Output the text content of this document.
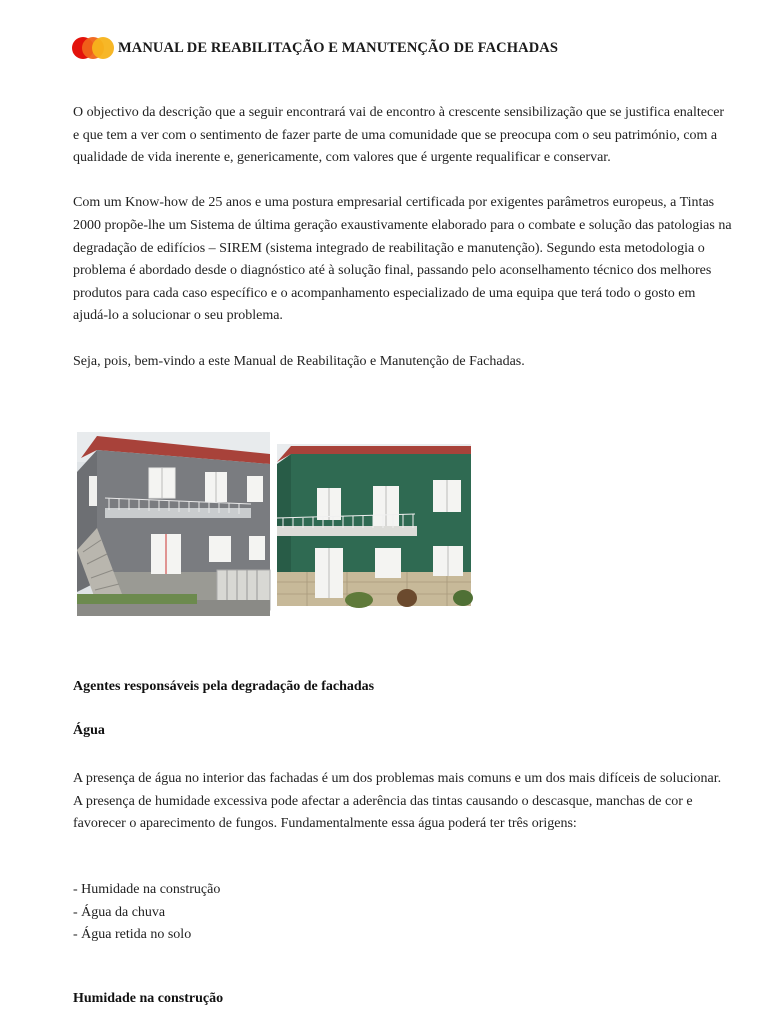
MANUAL DE REABILITAÇÃO E MANUTENÇÃO DE FACHADAS

O objectivo da descrição que a seguir encontrará vai de encontro à crescente sensibilização que se justifica enaltecer e que tem a ver com o sentimento de fazer parte de uma comunidade que se preocupa com o seu património, com a qualidade de vida inerente e, genericamente, com valores que é urgente requalificar e conservar.

Com um Know-how de 25 anos e uma postura empresarial certificada por exigentes parâmetros europeus, a Tintas 2000 propõe-lhe um Sistema de última geração exaustivamente elaborado para o combate e solução das patologias na degradação de edifícios – SIREM (sistema integrado de reabilitação e manutenção). Segundo esta metodologia o problema é abordado desde o diagnóstico até à solução final, passando pelo aconselhamento técnico dos melhores produtos para cada caso específico e o acompanhamento especializado de uma equipa que terá todo o gosto em ajudá-lo a solucionar o seu problema.

Seja, pois, bem-vindo a este Manual de Reabilitação e Manutenção de Fachadas.

Agentes responsáveis pela degradação de fachadas
Água

A presença de água no interior das fachadas é um dos problemas mais comuns e um dos mais difíceis de solucionar. A presença de humidade excessiva pode afectar a aderência das tintas causando o descasque, manchas de cor e favorecer o aparecimento de fungos. Fundamentalmente essa água poderá ter três origens:

- Humidade na construção
- Água da chuva
- Água retida no solo
Humidade na construção
